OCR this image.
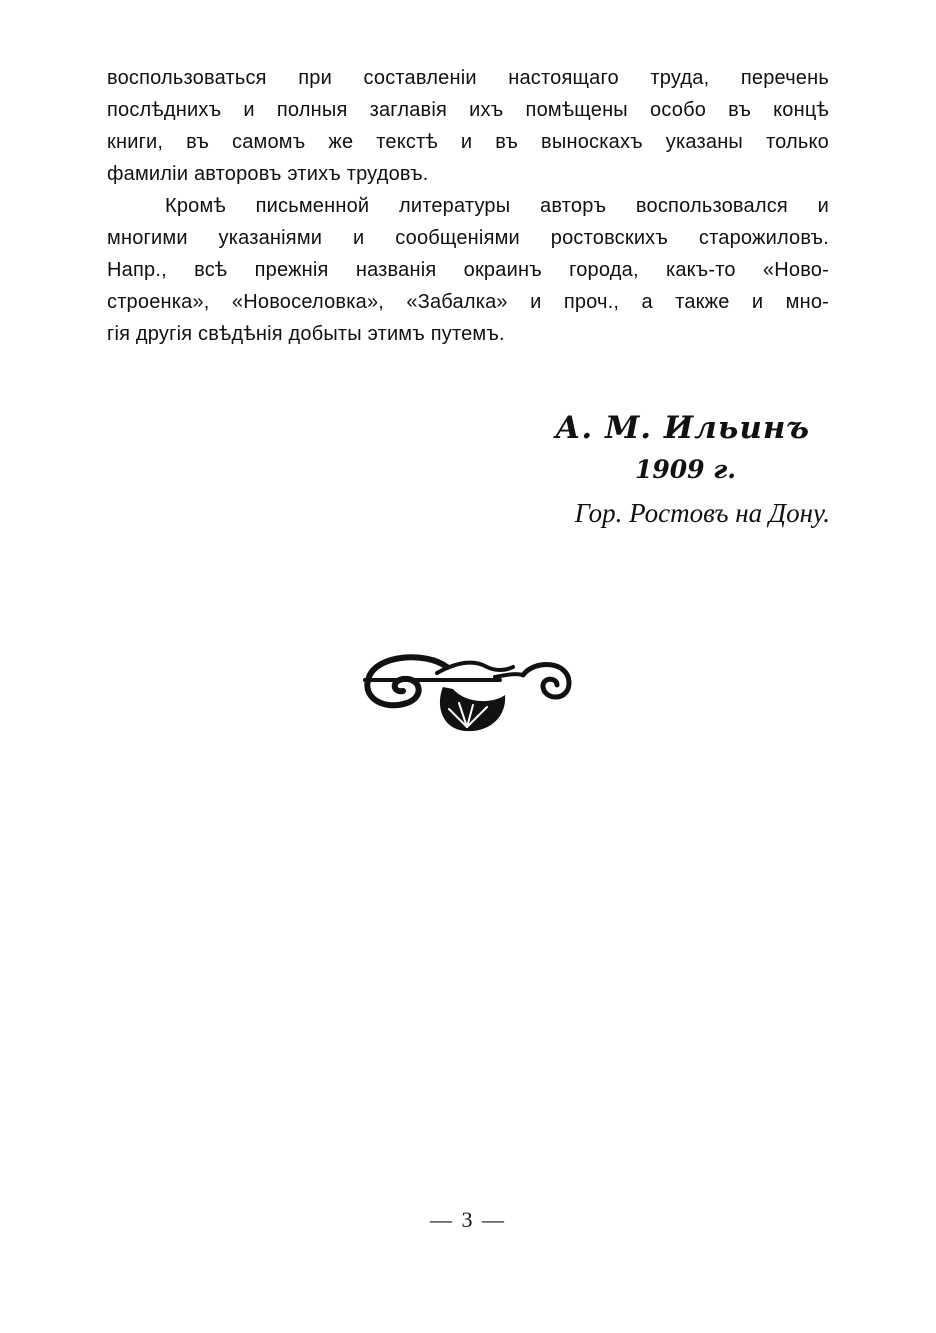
воспользоваться при составленіи настоящаго труда, перечень
послѣднихъ и полныя заглавія ихъ помѣщены особо въ концѣ
книги, въ самомъ же текстѣ и въ выноскахъ указаны только
фамиліи авторовъ этихъ трудовъ.
Кромѣ письменной литературы авторъ воспользовался и
многими указаніями и сообщеніями ростовскихъ старожиловъ.
Напр., всѣ прежнія названія окраинъ города, какъ-то «Ново-
строенка», «Новоселовка», «Забалка» и проч., а также и мно-
гія другія свѣдѣнія добыты этимъ путемъ.
А. М. Ильинъ
1909 г.
Гор. Ростовъ на Дону.
— 3 —
